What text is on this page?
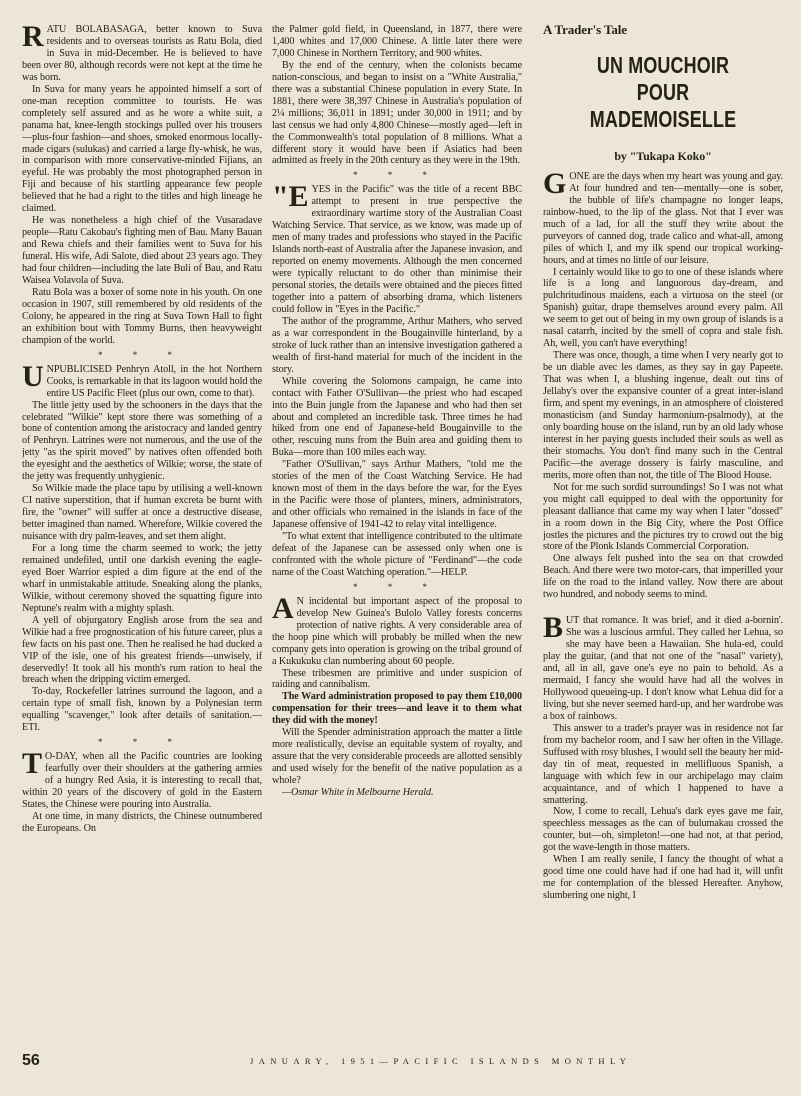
RATU BOLABASAGA, better known to Suva residents and to overseas tourists as Ratu Bola, died in Suva in mid-December. He is believed to have been over 80, although records were not kept at the time he was born.

In Suva for many years he appointed himself a sort of one-man reception committee to tourists. He was completely self assured and as he wore a white suit, a panama hat, knee-length stockings pulled over his trousers—plus-four fashion—and shoes, smoked enormous locally-made cigars (sulukas) and carried a large fly-whisk, he was, in comparison with more conservative-minded Fijians, an eyeful. He was probably the most photographed person in Fiji and because of his startling appearance few people believed that he had a right to the titles and high lineage he claimed.

He was nonetheless a high chief of the Vusaradave people—Ratu Cakobau's fighting men of Bau. Many Bauan and Rewa chiefs and their families went to Suva for his funeral. His wife, Adi Salote, died about 23 years ago. They had four children—including the late Buli of Bau, and Ratu Waisea Volavola of Suva.

Ratu Bola was a boxer of some note in his youth. On one occasion in 1907, still remembered by old residents of the Colony, he appeared in the ring at Suva Town Hall to fight an exhibition bout with Tommy Burns, then heavyweight champion of the world.

* * *

UNPUBLICISED Penhryn Atoll, in the hot Northern Cooks, is remarkable in that its lagoon would hold the entire US Pacific Fleet (plus our own, come to that).

The little jetty used by the schooners in the days that the celebrated "Wilkie" kept store there was something of a bone of contention among the aristocracy and landed gentry of Penhryn. Latrines were not numerous, and the use of the jetty "as the spirit moved" by natives often offended both the eyesight and the aesthetics of Wilkie; worse, the state of the jetty was frequently unhygienic.

So Wilkie made the place tapu by utilising a well-known CI native superstition, that if human excreta be burnt with fire, the "owner" will suffer at once a destructive disease, better imagined than named. Wherefore, Wilkie covered the nuisance with dry palm-leaves, and set them alight.

For a long time the charm seemed to work; the jetty remained undefiled, until one darkish evening the eagle-eyed Boer Warrior espied a dim figure at the end of the wharf in unmistakable attitude. Sneaking along the planks, Wilkie, without ceremony shoved the squatting figure into Neptune's realm with a mighty splash.

A yell of objurgatory English arose from the sea and Wilkie had a free prognostication of his future career, plus a few facts on his past one. Then he realised he had ducked a VIP of the isle, one of his greatest friends—unwisely, if deservedly! It took all his month's rum ration to heal the breach when the dripping victim emerged.

To-day, Rockefeller latrines surround the lagoon, and a certain type of small fish, known by a Polynesian term equalling "scavenger," look after details of sanitation.—ETI.

* * *

T O-DAY, when all the Pacific countries are looking fearfully over their shoulders at the gathering armies of a hungry Red Asia, it is interesting to recall that, within 20 years of the discovery of gold in the Eastern States, the Chinese were pouring into Australia.

At one time, in many districts, the Chinese outnumbered the Europeans. On

the Palmer gold field, in Queensland, in 1877, there were 1,400 whites and 17,000 Chinese. A little later there were 7,000 Chinese in Northern Territory, and 900 whites.

By the end of the century, when the colonists became nation-conscious, and began to insist on a "White Australia," there was a substantial Chinese population in every State. In 1881, there were 38,397 Chinese in Australia's population of 2¼ millions; 36,011 in 1891; under 30,000 in 1911; and by last census we had only 4,800 Chinese—mostly aged—left in the Commonwealth's total population of 8 millions. What a different story it would have been if Asiatics had been admitted as freely in the 20th century as they were in the 19th.

* * *

"EYES in the Pacific" was the title of a recent BBC attempt to present in true perspective the extraordinary wartime story of the Australian Coast Watching Service. That service, as we know, was made up of men of many trades and professions who stayed in the Pacific Islands north-east of Australia after the Japanese invasion, and reported on enemy movements. Although the men concerned were typically reluctant to do other than minimise their personal stories, the details were obtained and the pieces fitted together into a pattern of absorbing drama, which listeners could follow in "Eyes in the Pacific."

The author of the programme, Arthur Mathers, who served as a war correspondent in the Bougainville hinterland, by a stroke of luck rather than an intensive investigation gathered a wealth of first-hand material for much of the incident in the story.

While covering the Solomons campaign, he came into contact with Father O'Sullivan—the priest who had escaped into the Buin jungle from the Japanese and who had then set about and completed an incredible task. Three times he had hiked from one end of Japanese-held Bougainville to the other, rescuing nuns from the Buin area and guiding them to Buka—more than 100 miles each way.

"Father O'Sullivan," says Arthur Mathers, "told me the stories of the men of the Coast Watching Service. He had known most of them in the days before the war, for the Eyes in the Pacific were those of planters, miners, administrators, and other officials who remained in the islands in face of the Japanese offensive of 1941-42 to relay vital intelligence.

"To what extent that intelligence contributed to the ultimate defeat of the Japanese can be assessed only when one is confronted with the whole picture of "Ferdinand"—the code name of the Coast Watching operation."—HELP.

* * *

A N incidental but important aspect of the proposal to develop New Guinea's Bulolo Valley forests concerns protection of native rights. A very considerable area of the hoop pine which will probably be milled when the new company gets into operation is growing on the tribal ground of a Kukukuku clan numbering about 60 people.

These tribesmen are primitive and under suspicion of raiding and cannibalism.

The Ward administration proposed to pay them £10,000 compensation for their trees—and leave it to them what they did with the money!

Will the Spender administration approach the matter a little more realistically, devise an equitable system of royalty, and assure that the very considerable proceeds are allotted sensibly and used wisely for the benefit of the native population as a whole?

—Osmar White in Melbourne Herald.

A Trader's Tale
UN MOUCHOIR POUR MADEMOISELLE
by "Tukapa Koko"

GONE are the days when my heart was young and gay. At four hundred and ten—mentally—one is sober, the bubble of life's champagne no longer leaps, rainbow-hued, to the lip of the glass. Not that I ever was much of a lad, for all the stuff they write about the purveyors of canned dog, trade calico and what-all, among piles of which I, and my ilk spend our tropical working-hours, and at times no little of our leisure.

I certainly would like to go to one of these islands where life is a long and languorous day-dream, and pulchritudinous maidens, each a virtuosa on the steel (or Spanish) guitar, drape themselves around every palm. All we seem to get out of being in my own group of islands is a nasal catarrh, incited by the smell of copra and stale fish. Ah, well, you can't have everything!

There was once, though, a time when I very nearly got to be un diable avec les dames, as they say in gay Papeete. That was when I, a blushing ingenue, dealt out tins of Jellaby's over the expansive counter of a great inter-island firm, and spent my evenings, in an atmosphere of cloistered monasticism (and Sunday harmonium-psalmody), at the only boarding house on the island, run by an old lady whose interest in her paying guests included their souls as well as their stomachs. You don't find many such in the Central Pacific—the average dossery is fairly masculine, and merits, more often than not, the title of The Blood House.

Not for me such sordid surroundings! So I was not what you might call equipped to deal with the opportunity for pleasant dalliance that came my way when I later "dossed" in a room down in the Big City, where the Post Office jostles the pictures and the pictures try to crowd out the big store of the Plonk Islands Commercial Corporation.

One always felt pushed into the sea on that crowded Beach. And there were two motor-cars, that imperilled your life on the road to the inland valley. Now there are about two hundred, and nobody seems to mind.

BUT that romance. It was brief, and it died a-bornin'. She was a luscious armful. They called her Lehua, so she may have been a Hawaiian. She hula-ed, could play the guitar, (and that not one of the "nasal" variety), and, all in all, gave one's eye no pain to behold. As a mermaid, I fancy she would have had all the wolves in Hollywood queueing-up. I don't know what Lehua did for a living, but she never seemed hard-up, and her wardrobe was a box of rainbows.

This answer to a trader's prayer was in residence not far from my bachelor room, and I saw her often in the Village. Suffused with rosy blushes, I would sell the beauty her mid-day tin of meat, requested in mellifluous Spanish, a language with which few in our archipelago may claim acquaintance, and of which I happened to have a smattering.

Now, I come to recall, Lehua's dark eyes gave me fair, speechless messages as the can of bulumakau crossed the counter, but—oh, simpleton!—one had not, at that period, got the wave-length in those matters.

When I am really senile, I fancy the thought of what a good time one could have had if one had had it, will unfit me for contemplation of the blessed Hereafter. Anyhow, slumbering one night, I

56	JANUARY, 1951—PACIFIC ISLANDS MONTHLY
